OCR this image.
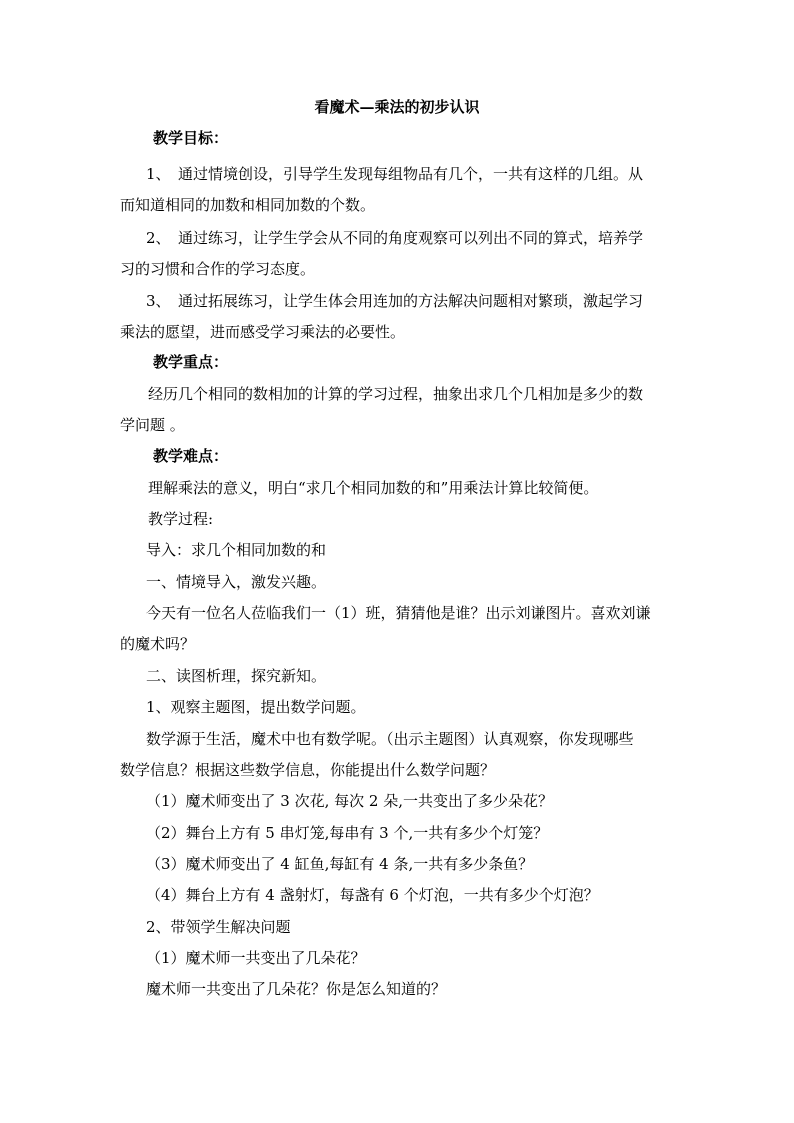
看魔术—乘法的初步认识
教学目标：
1、　通过情境创设，引导学生发现每组物品有几个，一共有这样的几组。从
而知道相同的加数和相同加数的个数。
2、　通过练习，让学生学会从不同的角度观察可以列出不同的算式，培养学
习的习惯和合作的学习态度。
3、　通过拓展练习，让学生体会用连加的方法解决问题相对繁琐，激起学习
乘法的愿望，进而感受学习乘法的必要性。
教学重点：
经历几个相同的数相加的计算的学习过程，抽象出求几个几相加是多少的数
学问题 。
教学难点：
理解乘法的意义，明白“求几个相同加数的和”用乘法计算比较简便。
教学过程:
导入：求几个相同加数的和
一、情境导入，激发兴趣。
今天有一位名人莅临我们一（1）班，猜猜他是谁？出示刘谦图片。喜欢刘谦
的魔术吗？
二、读图析理，探究新知。
1、观察主题图，提出数学问题。
数学源于生活，魔术中也有数学呢。（出示主题图）认真观察，你发现哪些
数学信息？根据这些数学信息，你能提出什么数学问题？
（1）魔术师变出了 3 次花, 每次 2 朵,一共变出了多少朵花？
（2）舞台上方有 5 串灯笼,每串有 3 个,一共有多少个灯笼？
（3）魔术师变出了 4 缸鱼,每缸有 4 条,一共有多少条鱼？
（4）舞台上方有 4 盏射灯，每盏有 6 个灯泡，一共有多少个灯泡？
2、带领学生解决问题
（1）魔术师一共变出了几朵花？
魔术师一共变出了几朵花？你是怎么知道的？
